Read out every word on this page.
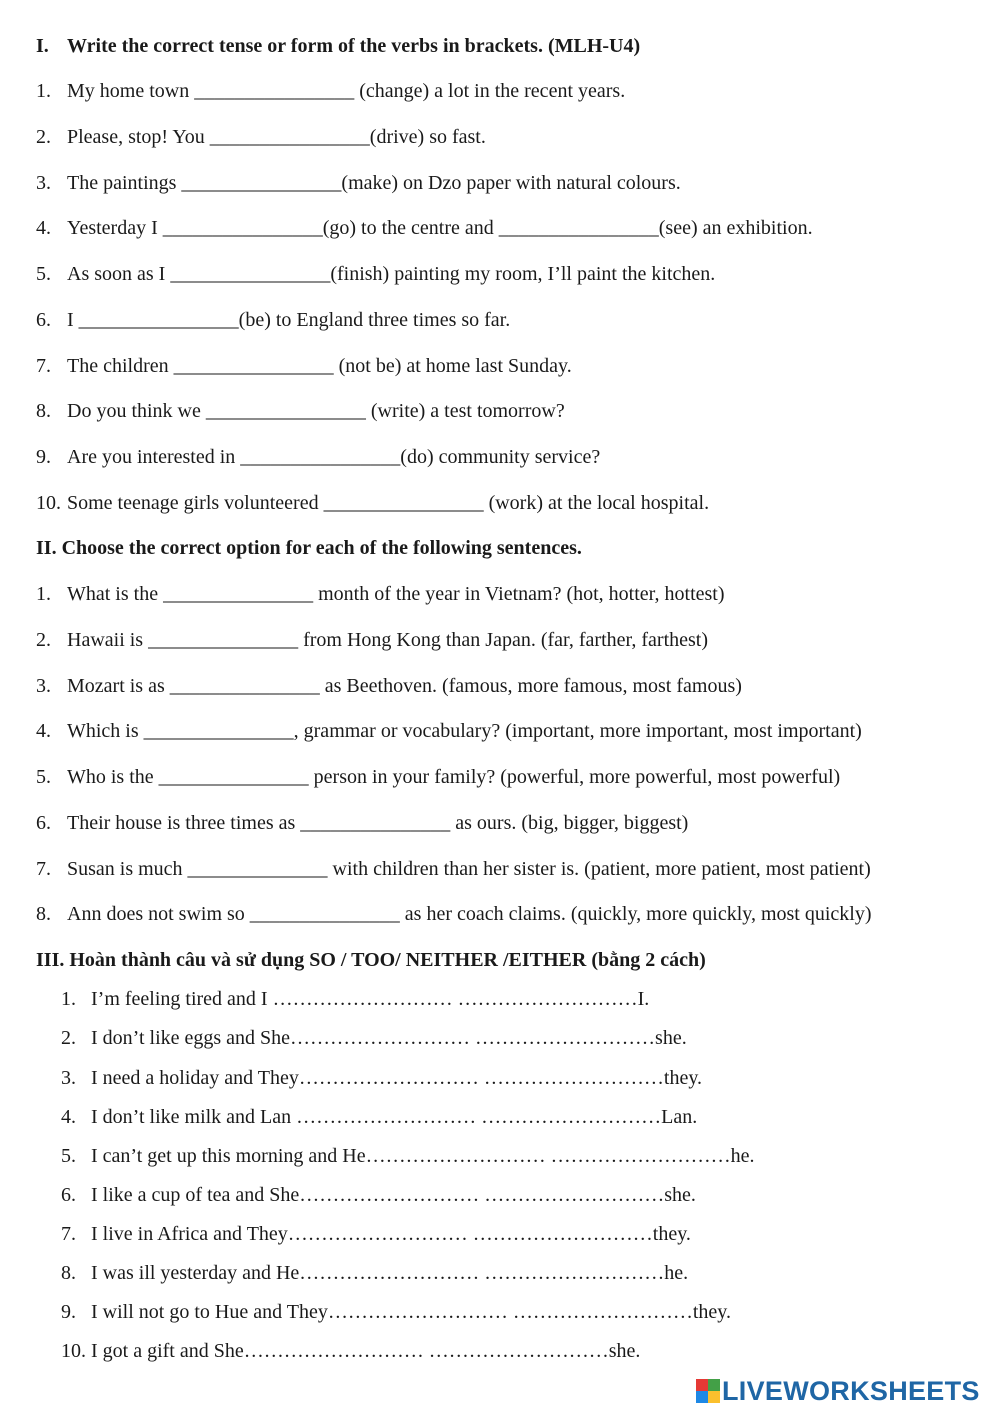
I. Write the correct tense or form of the verbs in brackets. (MLH-U4)
1. My home town ________________ (change) a lot in the recent years.
2. Please, stop! You ________________(drive) so fast.
3. The paintings ________________(make) on Dzo paper with natural colours.
4. Yesterday I ________________(go) to the centre and ________________(see) an exhibition.
5. As soon as I ________________(finish) painting my room, I’ll paint the kitchen.
6. I ________________(be) to England three times so far.
7. The children ________________ (not be) at home last Sunday.
8. Do you think we ________________ (write) a test tomorrow?
9. Are you interested in ________________(do) community service?
10. Some teenage girls volunteered ________________ (work) at the local hospital.
II. Choose the correct option for each of the following sentences.
1. What is the _______________ month of the year in Vietnam? (hot, hotter, hottest)
2. Hawaii is _______________ from Hong Kong than Japan. (far, farther, farthest)
3. Mozart is as _______________ as Beethoven. (famous, more famous, most famous)
4. Which is _______________, grammar or vocabulary? (important, more important, most important)
5. Who is the _______________ person in your family? (powerful, more powerful, most powerful)
6. Their house is three times as _______________ as ours. (big, bigger, biggest)
7. Susan is much ______________ with children than her sister is. (patient, more patient, most patient)
8. Ann does not swim so _______________ as her coach claims. (quickly, more quickly, most quickly)
III. Hoàn thành câu và sử dụng SO / TOO/ NEITHER /EITHER (bằng 2 cách)
1. I’m feeling tired and I ……………………… ………………………I.
2. I don’t like eggs and She……………………… ………………………she.
3. I need a holiday and They……………………… ………………………they.
4. I don’t like milk and Lan ……………………… ………………………Lan.
5. I can’t get up this morning and He……………………… ………………………he.
6. I like a cup of tea and She……………………… ………………………she.
7. I live in Africa and They……………………… ………………………they.
8. I was ill yesterday and He……………………… ………………………he.
9. I will not go to Hue and They……………………… ………………………they.
10. I got a gift and She……………………… ………………………she.
LIVEWORKSHEETS
